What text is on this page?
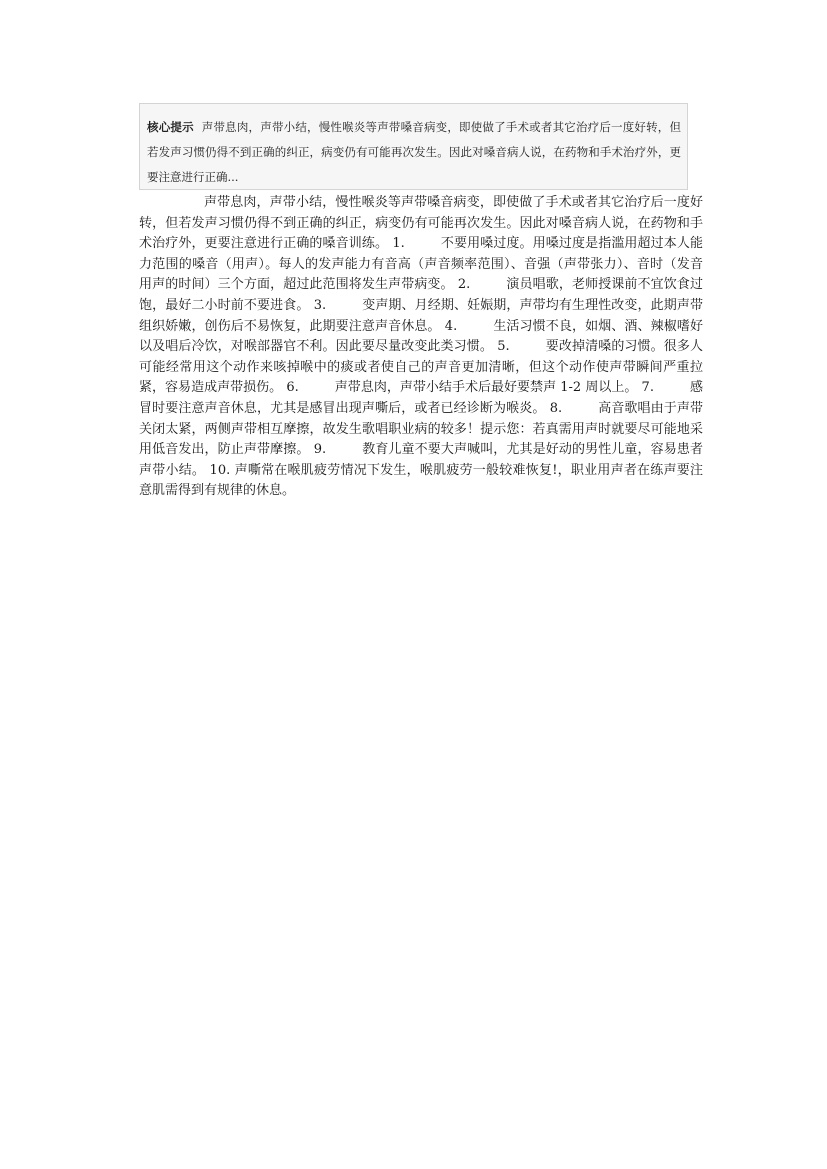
核心提示 声带息肉，声带小结，慢性喉炎等声带嗓音病变，即使做了手术或者其它治疗后一度好转，但若发声习惯仍得不到正确的纠正，病变仍有可能再次发生。因此对嗓音病人说，在药物和手术治疗外，更要注意进行正确...

声带息肉，声带小结，慢性喉炎等声带嗓音病变，即使做了手术或者其它治疗后一度好转，但若发声习惯仍得不到正确的纠正，病变仍有可能再次发生。因此对嗓音病人说，在药物和手术治疗外，更要注意进行正确的嗓音训练。 1.	不要用嗓过度。用嗓过度是指滥用超过本人能力范围的嗓音（用声）。每人的发声能力有音高（声音频率范围）、音强（声带张力）、音时（发音用声的时间）三个方面，超过此范围将发生声带病变。 2.	演员唱歌，老师授课前不宜饮食过饱，最好二小时前不要进食。 3.	变声期、月经期、妊娠期，声带均有生理性改变，此期声带组织娇嫩，创伤后不易恢复，此期要注意声音休息。 4.	生活习惯不良，如烟、酒、辣椒嗜好以及唱后冷饮，对喉部器官不利。因此要尽量改变此类习惯。 5.	要改掉清嗓的习惯。很多人可能经常用这个动作来咳掉喉中的痰或者使自己的声音更加清晰，但这个动作使声带瞬间严重拉紧，容易造成声带损伤。 6.	声带息肉，声带小结手术后最好要禁声 1-2 周以上。 7.	感冒时要注意声音休息，尤其是感冒出现声嘶后，或者已经诊断为喉炎。 8.	高音歌唱由于声带关闭太紧，两侧声带相互摩擦，故发生歌唱职业病的较多！提示您：若真需用声时就要尽可能地采用低音发出，防止声带摩擦。 9.	教育儿童不要大声喊叫，尤其是好动的男性儿童，容易患者声带小结。 10. 声嘶常在喉肌疲劳情况下发生，喉肌疲劳一般较难恢复!，职业用声者在练声要注意肌需得到有规律的休息。
